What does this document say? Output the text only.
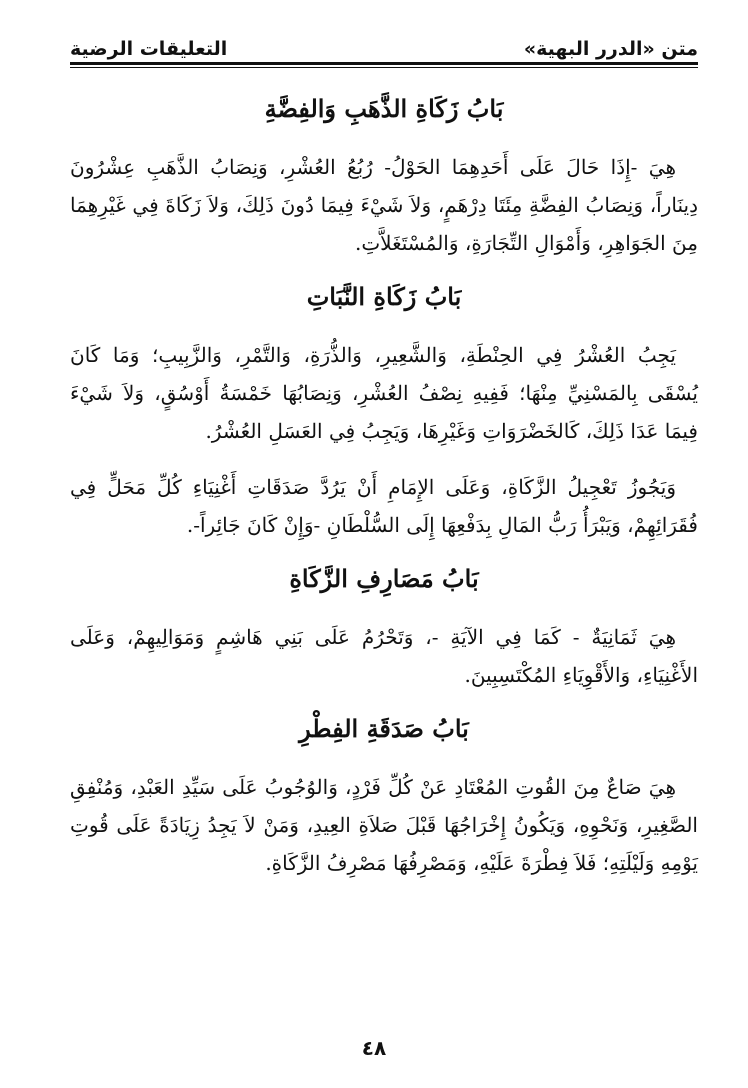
متن «الدرر البهية»
التعليقات الرضية
بَابُ زَكَاةِ الذَّهَبِ وَالفِضَّةِ

هِيَ -إِذَا حَالَ عَلَى أَحَدِهِمَا الحَوْلُ- رُبُعُ العُشْرِ، وَنِصَابُ الذَّهَبِ عِشْرُونَ دِينَاراً، وَنِصَابُ الفِضَّةِ مِئَتَا دِرْهَمٍ، وَلاَ شَيْءَ فِيمَا دُونَ ذَلِكَ، وَلاَ زَكَاةَ فِي غَيْرِهِمَا مِنَ الجَوَاهِرِ، وَأَمْوَالِ التِّجَارَةِ، وَالمُسْتَغَلاَّتِ.

بَابُ زَكَاةِ النَّبَاتِ

يَجِبُ العُشْرُ فِي الحِنْطَةِ، وَالشَّعِيرِ، وَالذُّرَةِ، وَالتَّمْرِ، وَالزَّبِيبِ؛ وَمَا كَانَ يُسْقَى بِالمَسْنِيِّ مِنْهَا؛ فَفِيهِ نِصْفُ العُشْرِ، وَنِصَابُهَا خَمْسَةُ أَوْسُقٍ، وَلاَ شَيْءَ فِيمَا عَدَا ذَلِكَ، كَالخَضْرَوَاتِ وَغَيْرِهَا، وَيَجِبُ فِي العَسَلِ العُشْرُ.

وَيَجُوزُ تَعْجِيلُ الزَّكَاةِ، وَعَلَى الإِمَامِ أَنْ يَرُدَّ صَدَقَاتِ أَغْنِيَاءِ كُلِّ مَحَلٍّ فِي فُقَرَائِهِمْ، وَيَبْرَأُ رَبُّ المَالِ بِدَفْعِهَا إِلَى السُّلْطَانِ -وَإِنْ كَانَ جَائِراً-.

بَابُ مَصَارِفِ الزَّكَاةِ

هِيَ ثَمَانِيَةٌ - كَمَا فِي الآيَةِ -، وَتَحْرُمُ عَلَى بَنِي هَاشِمٍ وَمَوَالِيهِمْ، وَعَلَى الأَغْنِيَاءِ، وَالأَقْوِيَاءِ المُكْتَسِبِينَ.

بَابُ صَدَقَةِ الفِطْرِ

هِيَ صَاعٌ مِنَ القُوتِ المُعْتَادِ عَنْ كُلِّ فَرْدٍ، وَالوُجُوبُ عَلَى سَيِّدِ العَبْدِ، وَمُنْفِقِ الصَّغِيرِ، وَنَحْوِهِ، وَيَكُونُ إِخْرَاجُهَا قَبْلَ صَلاَةِ العِيدِ، وَمَنْ لاَ يَجِدُ زِيَادَةً عَلَى قُوتِ يَوْمِهِ وَلَيْلَتِهِ؛ فَلاَ فِطْرَةَ عَلَيْهِ، وَمَصْرِفُهَا مَصْرِفُ الزَّكَاةِ.

٤٨
